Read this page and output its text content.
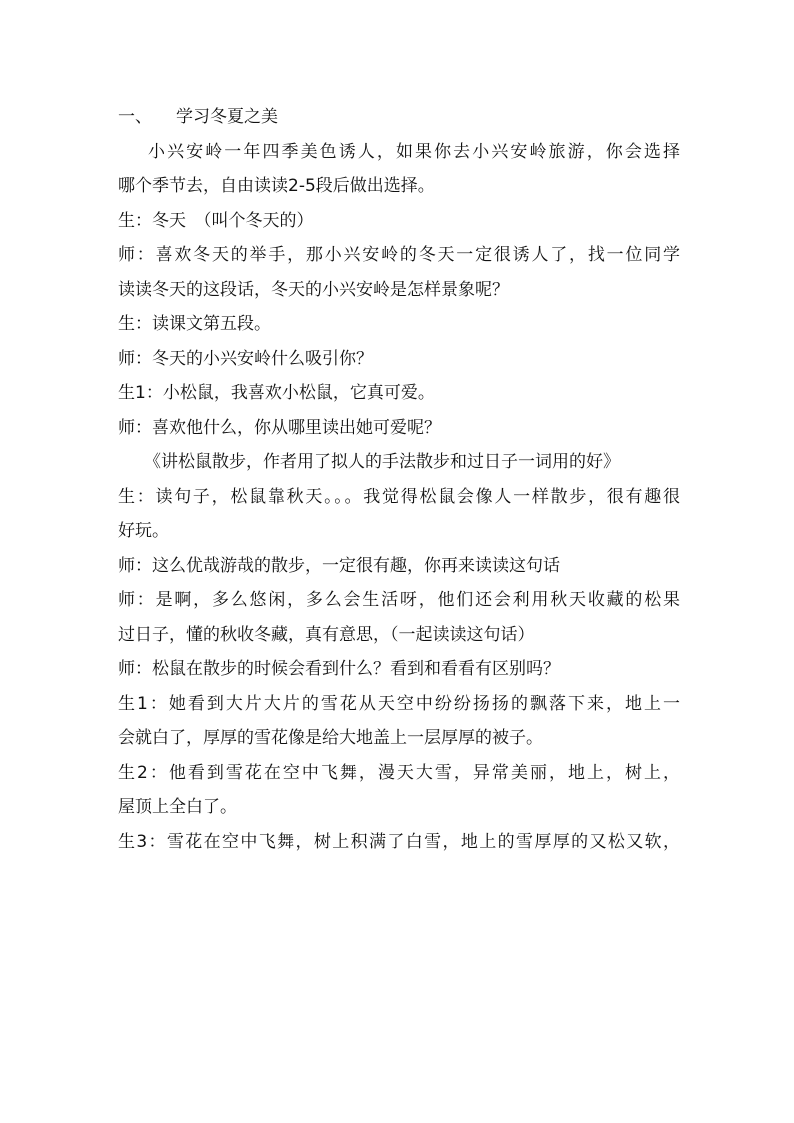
一、 学习冬夏之美
小兴安岭一年四季美色诱人，如果你去小兴安岭旅游，你会选择
哪个季节去，自由读读2-5段后做出选择。
生：冬天　（叫个冬天的）
师：喜欢冬天的举手，那小兴安岭的冬天一定很诱人了，找一位同学
读读冬天的这段话，冬天的小兴安岭是怎样景象呢？
生：读课文第五段。
师：冬天的小兴安岭什么吸引你？
生1：小松鼠，我喜欢小松鼠，它真可爱。
师：喜欢他什么，你从哪里读出她可爱呢？
《讲松鼠散步，作者用了拟人的手法散步和过日子一词用的好》
生：读句子，松鼠靠秋天。。。我觉得松鼠会像人一样散步，很有趣很
好玩。
师：这么优哉游哉的散步，一定很有趣，你再来读读这句话
师：是啊，多么悠闲，多么会生活呀，他们还会利用秋天收藏的松果
过日子，懂的秋收冬藏，真有意思，（一起读读这句话）
师：松鼠在散步的时候会看到什么？看到和看看有区别吗？
生1：她看到大片大片的雪花从天空中纷纷扬扬的飘落下来，地上一
会就白了，厚厚的雪花像是给大地盖上一层厚厚的被子。
生2：他看到雪花在空中飞舞，漫天大雪，异常美丽，地上，树上，
屋顶上全白了。
生3：雪花在空中飞舞，树上积满了白雪，地上的雪厚厚的又松又软，
